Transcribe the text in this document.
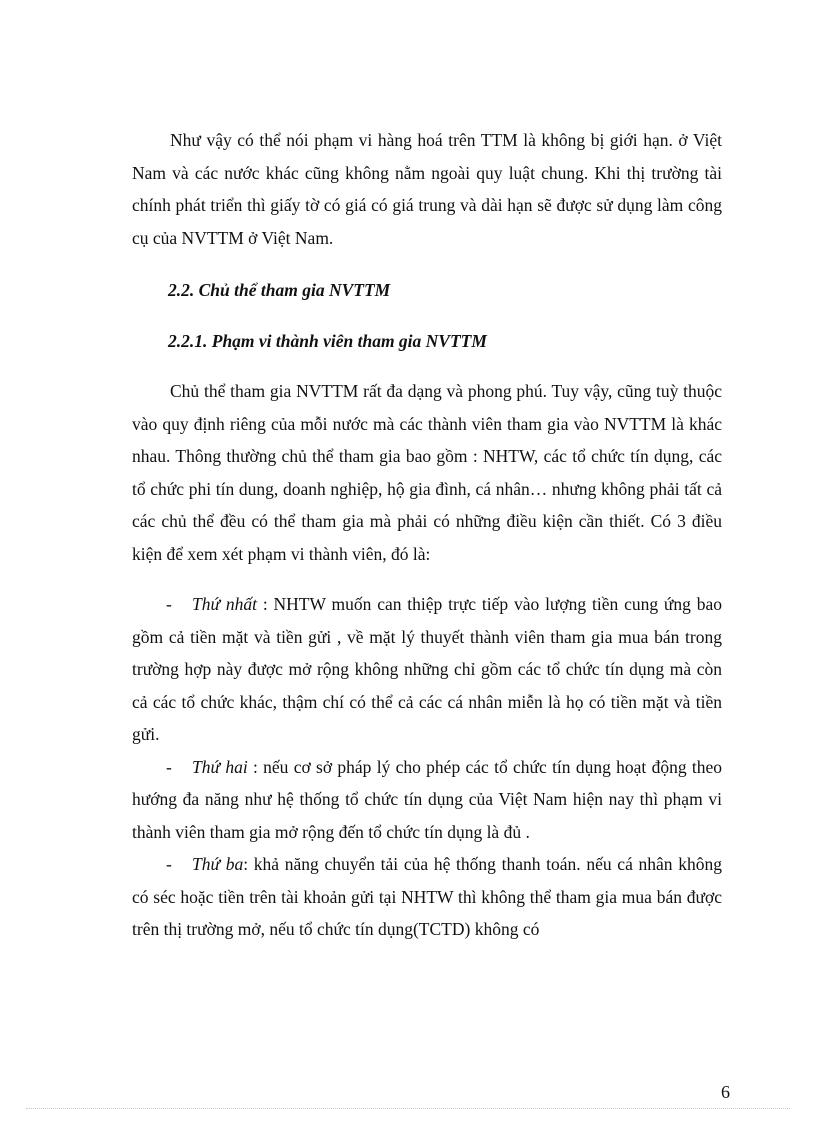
Như vậy có thể nói phạm vi hàng hoá trên TTM là không bị giới hạn. ở Việt Nam và các nước khác cũng không nằm ngoài quy luật chung. Khi thị trường tài chính phát triển thì giấy tờ có giá có giá trung và dài hạn sẽ được sử dụng làm công cụ của NVTTM ở Việt Nam.

2.2. Chủ thể tham gia NVTTM

2.2.1. Phạm vi thành viên tham gia NVTTM

Chủ thể tham gia NVTTM rất đa dạng và phong phú. Tuy vậy, cũng tuỳ thuộc vào quy định riêng của mỗi nước mà các thành viên tham gia vào NVTTM là khác nhau. Thông thường chủ thể tham gia bao gồm : NHTW, các tổ chức tín dụng, các tổ chức phi tín dung, doanh nghiệp, hộ gia đình, cá nhân… nhưng không phải tất cả các chủ thể đều có thể tham gia mà phải có những điều kiện cần thiết. Có 3 điều kiện để xem xét phạm vi thành viên, đó là:

- Thứ nhất : NHTW muốn can thiệp trực tiếp vào lượng tiền cung ứng bao gồm cả tiền mặt và tiền gửi , về mặt lý thuyết thành viên tham gia mua bán trong trường hợp này được mở rộng không những chỉ gồm các tổ chức tín dụng mà còn cả các tổ chức khác, thậm chí có thể cả các cá nhân miễn là họ có tiền mặt và tiền gửi.

- Thứ hai : nếu cơ sở pháp lý cho phép các tổ chức tín dụng hoạt động theo hướng đa năng như hệ thống tổ chức tín dụng của Việt Nam hiện nay thì phạm vi thành viên tham gia mở rộng đến tổ chức tín dụng là đủ .

- Thứ ba: khả năng chuyển tải của hệ thống thanh toán. nếu cá nhân không có séc hoặc tiền trên tài khoản gửi tại NHTW thì không thể tham gia mua bán được trên thị trường mở, nếu tổ chức tín dụng(TCTD) không có

6
